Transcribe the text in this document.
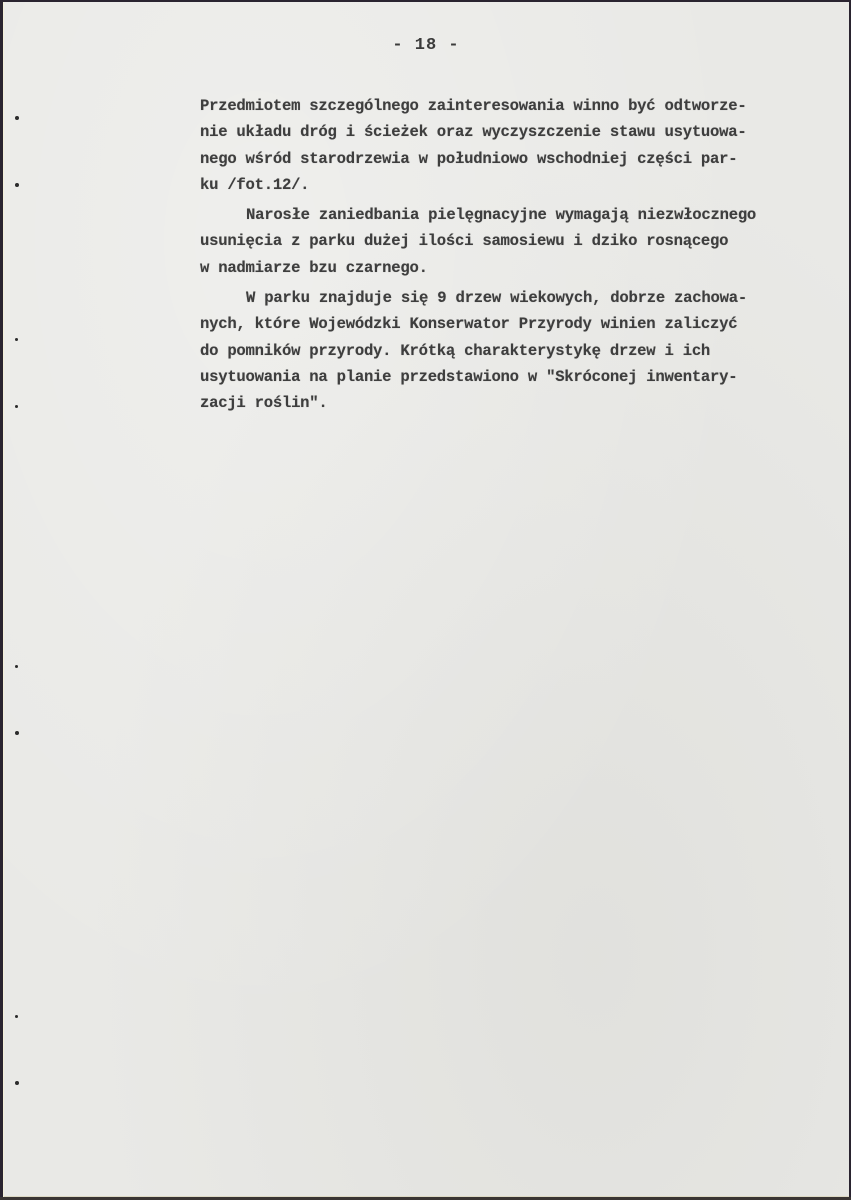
- 18 -
Przedmiotem szczególnego zainteresowania winno być odtworze-
nie układu dróg i ścieżek oraz wyczyszczenie stawu usytuowa-
nego wśród starodrzewia w południowo wschodniej części par-
ku /fot.12/.
Narosłe zaniedbania pielęgnacyjne wymagają niezwłocznego
usunięcia z parku dużej ilości samosiewu i dziko rosnącego
w nadmiarze bzu czarnego.
W parku znajduje się 9 drzew wiekowych, dobrze zachowa-
nych, które Wojewódzki Konserwator Przyrody winien zaliczyć
do pomników przyrody. Krótką charakterystykę drzew i ich
usytuowania na planie przedstawiono w "Skróconej inwentary-
zacji roślin".
